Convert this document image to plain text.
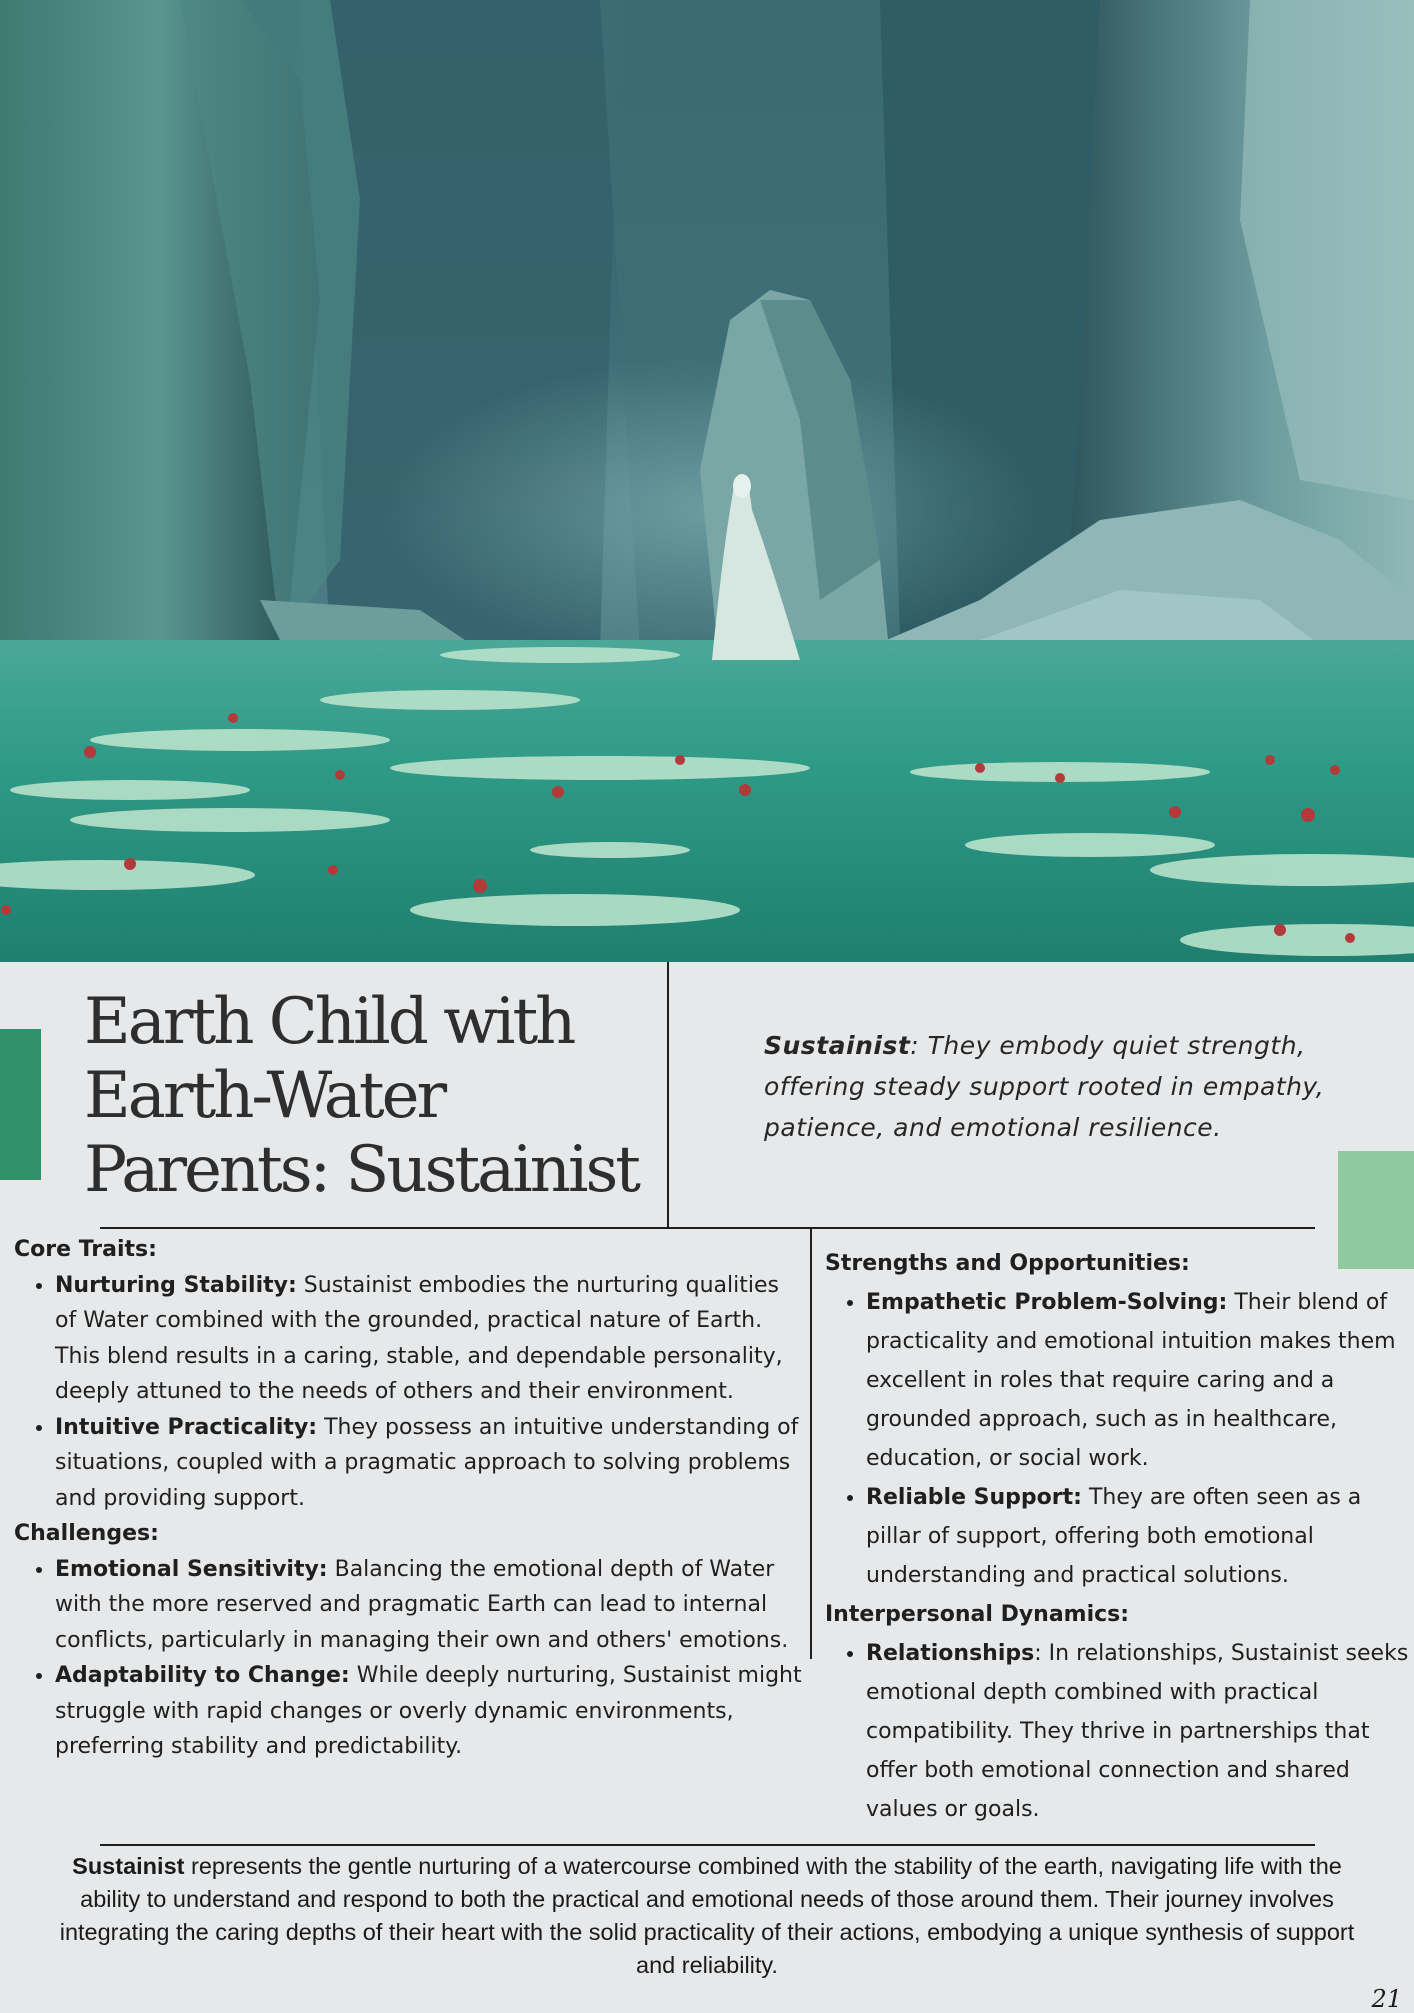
Earth Child with
Earth-Water
Parents: Sustainist

Sustainist: They embody quiet strength, offering steady support rooted in empathy, patience, and emotional resilience.

Core Traits:
• Nurturing Stability: Sustainist embodies the nurturing qualities of Water combined with the grounded, practical nature of Earth. This blend results in a caring, stable, and dependable personality, deeply attuned to the needs of others and their environment.
• Intuitive Practicality: They possess an intuitive understanding of situations, coupled with a pragmatic approach to solving problems and providing support.
Challenges:
• Emotional Sensitivity: Balancing the emotional depth of Water with the more reserved and pragmatic Earth can lead to internal conflicts, particularly in managing their own and others' emotions.
• Adaptability to Change: While deeply nurturing, Sustainist might struggle with rapid changes or overly dynamic environments, preferring stability and predictability.
Strengths and Opportunities:
• Empathetic Problem-Solving: Their blend of practicality and emotional intuition makes them excellent in roles that require caring and a grounded approach, such as in healthcare, education, or social work.
• Reliable Support: They are often seen as a pillar of support, offering both emotional understanding and practical solutions.
Interpersonal Dynamics:
• Relationships: In relationships, Sustainist seeks emotional depth combined with practical compatibility. They thrive in partnerships that offer both emotional connection and shared values or goals.

Sustainist represents the gentle nurturing of a watercourse combined with the stability of the earth, navigating life with the ability to understand and respond to both the practical and emotional needs of those around them. Their journey involves integrating the caring depths of their heart with the solid practicality of their actions, embodying a unique synthesis of support and reliability.

21
